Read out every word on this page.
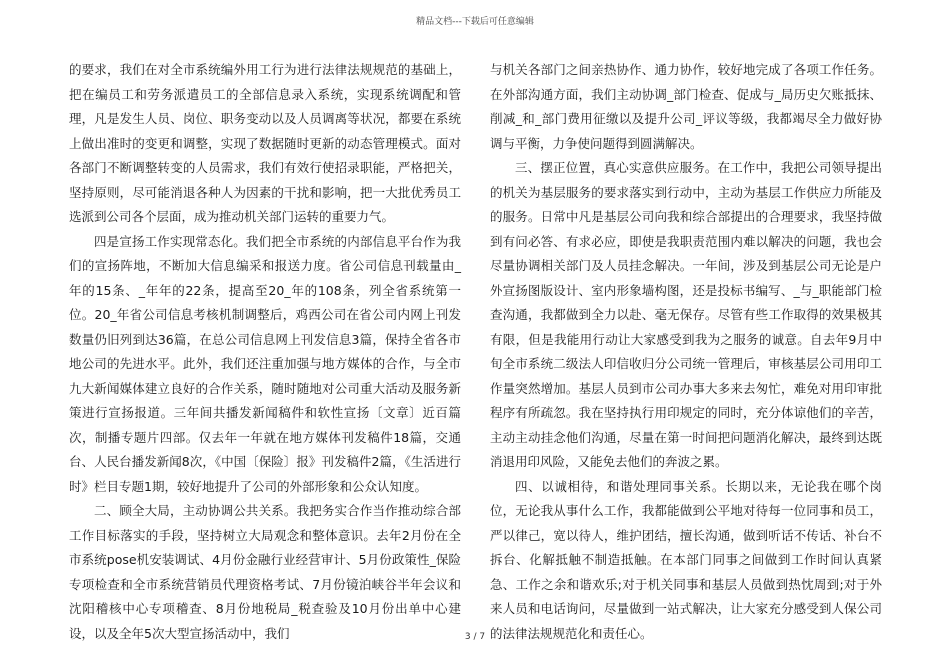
精品文档---下载后可任意编辑

的要求，我们在对全市系统编外用工行为进行法律法规规范的基础上，把在编员工和劳务派遣员工的全部信息录入系统，实现系统调配和管理，凡是发生人员、岗位、职务变动以及人员调离等状况，都要在系统上做出准时的变更和调整，实现了数据随时更新的动态管理模式。面对各部门不断调整转变的人员需求，我们有效行使招录职能，严格把关，坚持原则，尽可能消退各种人为因素的干扰和影响，把一大批优秀员工选派到公司各个层面，成为推动机关部门运转的重要力气。

四是宣扬工作实现常态化。我们把全市系统的内部信息平台作为我们的宣扬阵地，不断加大信息编采和报送力度。省公司信息刊载量由_年的15条、_年年的22条，提高至20_年的108条，列全省系统第一位。20_年省公司信息考核机制调整后，鸡西公司在省公司内网上刊发数量仍旧列到达36篇，在总公司信息网上刊发信息3篇，保持全省各市地公司的先进水平。此外，我们还注重加强与地方媒体的合作，与全市九大新闻媒体建立良好的合作关系，随时随地对公司重大活动及服务新策进行宣扬报道。三年间共播发新闻稿件和软性宣扬〔文章〕近百篇次，制播专题片四部。仅去年一年就在地方媒体刊发稿件18篇，交通台、人民台播发新闻8次，《中国〔保险〕报》刊发稿件2篇，《生活进行时》栏目专题1期，较好地提升了公司的外部形象和公众认知度。

二、顾全大局，主动协调公共关系。我把务实合作当作推动综合部工作目标落实的手段，坚持树立大局观念和整体意识。去年2月份在全市系统pose机安装调试、4月份金融行业经营审计、5月份政策性_保险专项检查和全市系统营销员代理资格考试、7月份镜泊峡谷半年会议和沈阳稽核中心专项稽查、8月份地税局_税查验及10月份出单中心建设，以及全年5次大型宣扬活动中，我们

与机关各部门之间亲热协作、通力协作，较好地完成了各项工作任务。在外部沟通方面，我们主动协调_部门检查、促成与_局历史欠账抵抹、削减_和_部门费用征缴以及提升公司_评议等级，我都竭尽全力做好协调与平衡，力争使问题得到圆满解决。

三、摆正位置，真心实意供应服务。在工作中，我把公司领导提出的机关为基层服务的要求落实到行动中，主动为基层工作供应力所能及的服务。日常中凡是基层公司向我和综合部提出的合理要求，我坚持做到有问必答、有求必应，即使是我职责范围内难以解决的问题，我也会尽量协调相关部门及人员挂念解决。一年间，涉及到基层公司无论是户外宣扬图版设计、室内形象墙构图，还是投标书编写、_与_职能部门检查沟通，我都做到全力以赴、毫无保存。尽管有些工作取得的效果极其有限，但是我能用行动让大家感受到我为之服务的诚意。自去年9月中旬全市系统二级法人印信收归分公司统一管理后，审核基层公司用印工作量突然增加。基层人员到市公司办事大多来去匆忙，难免对用印审批程序有所疏忽。我在坚持执行用印规定的同时，充分体谅他们的辛苦，主动主动挂念他们沟通，尽量在第一时间把问题消化解决，最终到达既消退用印风险，又能免去他们的奔波之累。

四、以诚相待，和谐处理同事关系。长期以来，无论我在哪个岗位，无论我从事什么工作，我都能做到公平地对待每一位同事和员工，严以律己，宽以待人，维护团结，擅长沟通，做到听话不传话、补台不拆台、化解抵触不制造抵触。在本部门同事之间做到工作时间认真紧急、工作之余和谐欢乐;对于机关同事和基层人员做到热忱周到;对于外来人员和电话询问，尽量做到一站式解决，让大家充分感受到人保公司的法律法规规范化和责任心。

3 / 7
